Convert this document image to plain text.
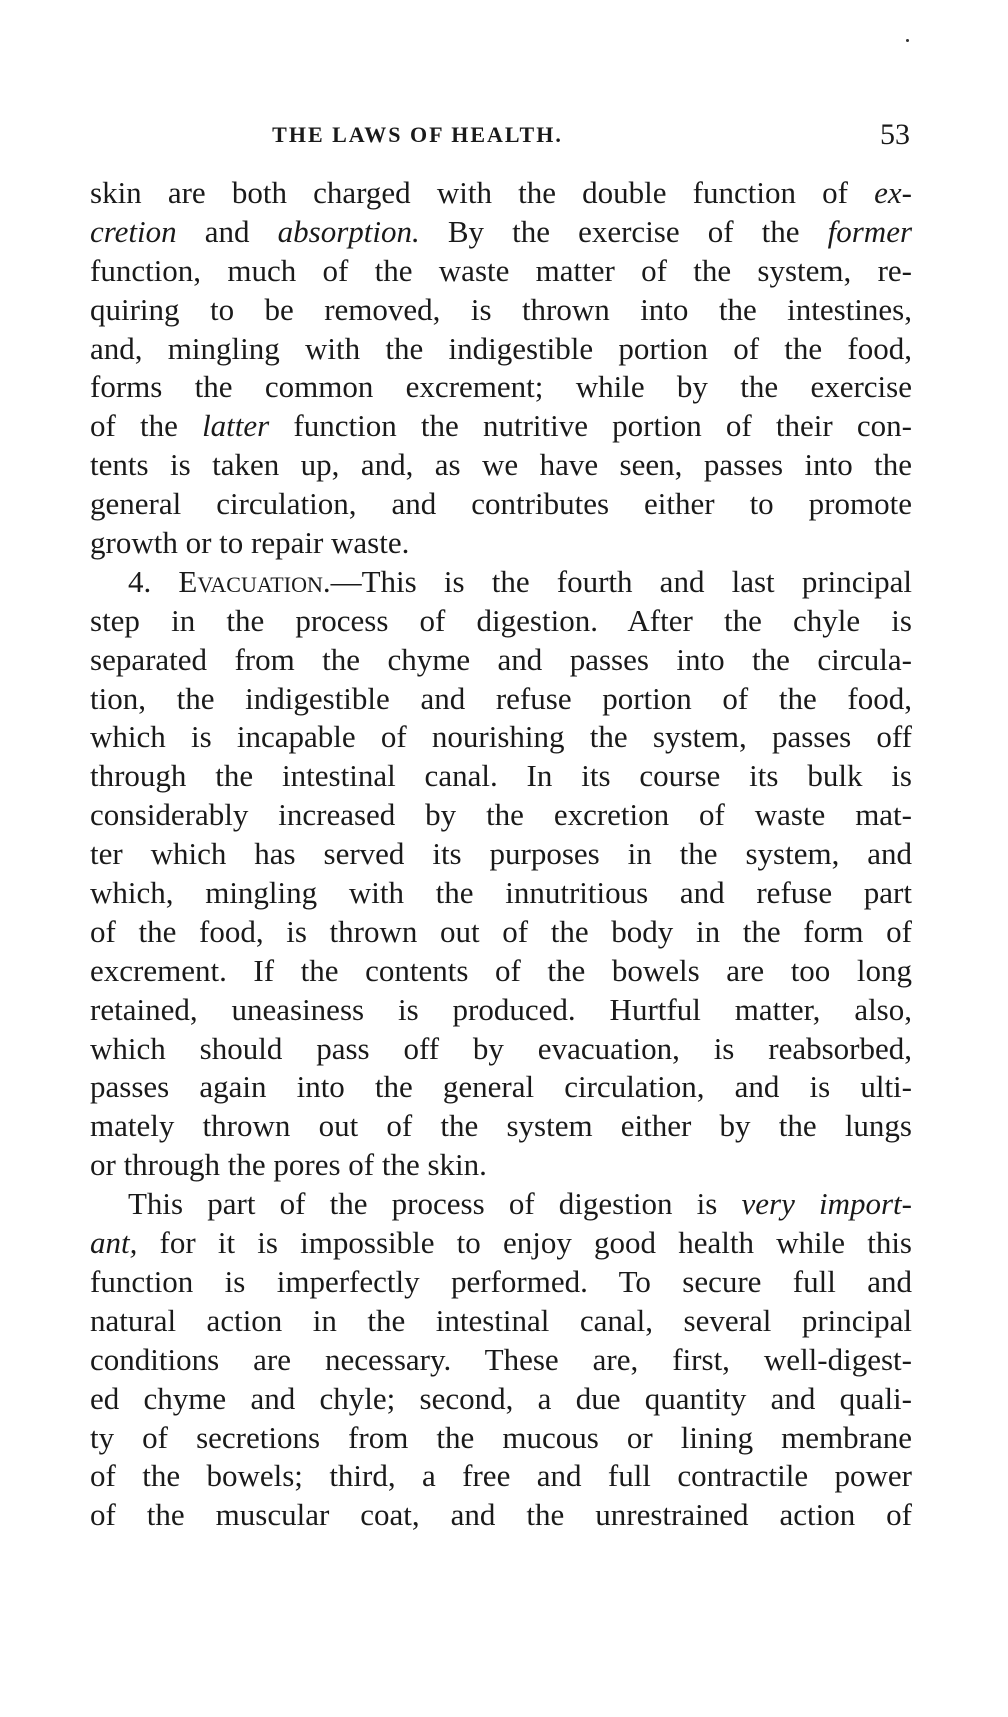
THE LAWS OF HEALTH.	53
skin are both charged with the double function of ex-
cretion and absorption. By the exercise of the former
function, much of the waste matter of the system, re-
quiring to be removed, is thrown into the intestines,
and, mingling with the indigestible portion of the food,
forms the common excrement; while by the exercise
of the latter function the nutritive portion of their con-
tents is taken up, and, as we have seen, passes into the
general circulation, and contributes either to promote
growth or to repair waste.
4. Evacuation.—This is the fourth and last principal
step in the process of digestion. After the chyle is
separated from the chyme and passes into the circula-
tion, the indigestible and refuse portion of the food,
which is incapable of nourishing the system, passes off
through the intestinal canal. In its course its bulk is
considerably increased by the excretion of waste mat-
ter which has served its purposes in the system, and
which, mingling with the innutritious and refuse part
of the food, is thrown out of the body in the form of
excrement. If the contents of the bowels are too long
retained, uneasiness is produced. Hurtful matter, also,
which should pass off by evacuation, is reabsorbed,
passes again into the general circulation, and is ulti-
mately thrown out of the system either by the lungs
or through the pores of the skin.
This part of the process of digestion is very import-
ant, for it is impossible to enjoy good health while this
function is imperfectly performed. To secure full and
natural action in the intestinal canal, several principal
conditions are necessary. These are, first, well-digest-
ed chyme and chyle; second, a due quantity and quali-
ty of secretions from the mucous or lining membrane
of the bowels; third, a free and full contractile power
of the muscular coat, and the unrestrained action of
